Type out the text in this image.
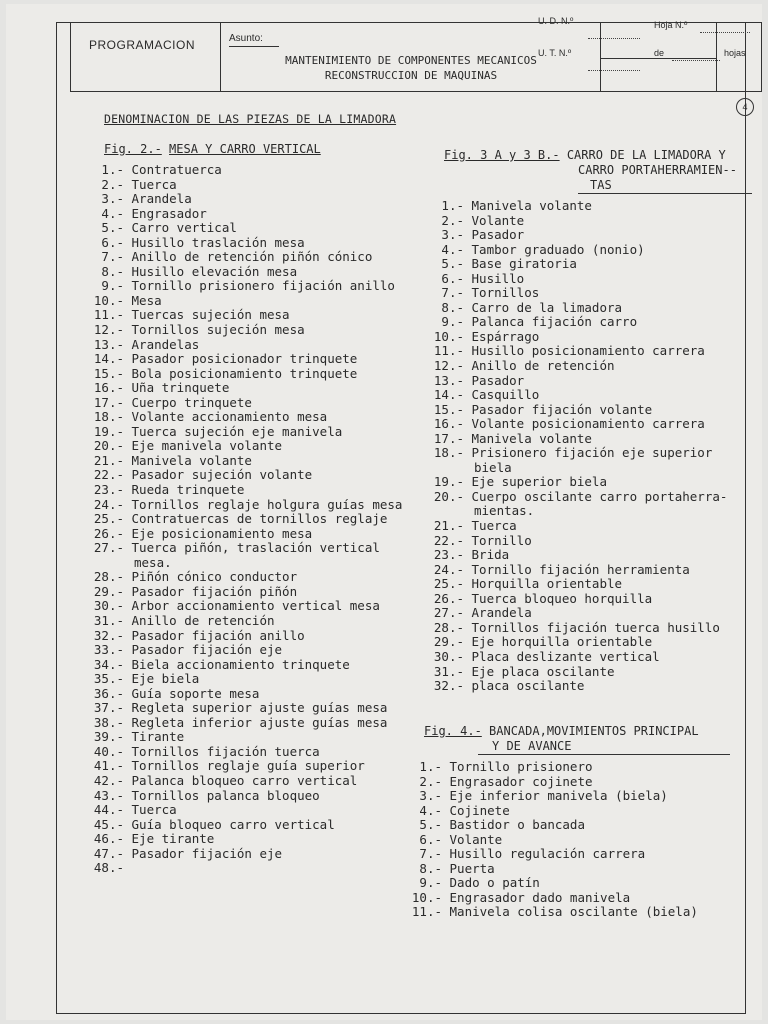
PROGRAMACION	Asunto:
MANTENIMIENTO DE COMPONENTES MECANICOS
RECONSTRUCCION DE MAQUINAS
U. D. N.º
U. T. N.º
Hoja N.º
de	hojas
4
DENOMINACION DE LAS PIEZAS DE LA LIMADORA
Fig. 2.- MESA Y CARRO VERTICAL
1.- Contratuerca
2.- Tuerca
3.- Arandela
4.- Engrasador
5.- Carro vertical
6.- Husillo traslación mesa
7.- Anillo de retención piñón cónico
8.- Husillo elevación mesa
9.- Tornillo prisionero fijación anillo
10.- Mesa
11.- Tuercas sujeción mesa
12.- Tornillos sujeción mesa
13.- Arandelas
14.- Pasador posicionador trinquete
15.- Bola posicionamiento trinquete
16.- Uña trinquete
17.- Cuerpo trinquete
18.- Volante accionamiento mesa
19.- Tuerca sujeción eje manivela
20.- Eje manivela volante
21.- Manivela volante
22.- Pasador sujeción volante
23.- Rueda trinquete
24.- Tornillos reglaje holgura guías mesa
25.- Contratuercas de tornillos reglaje
26.- Eje posicionamiento mesa
27.- Tuerca piñón, traslación vertical
mesa.
28.- Piñón cónico conductor
29.- Pasador fijación piñón
30.- Arbor accionamiento vertical mesa
31.- Anillo de retención
32.- Pasador fijación anillo
33.- Pasador fijación eje
34.- Biela accionamiento trinquete
35.- Eje biela
36.- Guía soporte mesa
37.- Regleta superior ajuste guías mesa
38.- Regleta inferior ajuste guías mesa
39.- Tirante
40.- Tornillos fijación tuerca
41.- Tornillos reglaje guía superior
42.- Palanca bloqueo carro vertical
43.- Tornillos palanca bloqueo
44.- Tuerca
45.- Guía bloqueo carro vertical
46.- Eje tirante
47.- Pasador fijación eje
48.-
Fig. 3 A y 3 B.- CARRO DE LA LIMADORA Y
CARRO PORTAHERRAMIEN--
TAS
1.- Manivela volante
2.- Volante
3.- Pasador
4.- Tambor graduado (nonio)
5.- Base giratoria
6.- Husillo
7.- Tornillos
8.- Carro de la limadora
9.- Palanca fijación carro
10.- Espárrago
11.- Husillo posicionamiento carrera
12.- Anillo de retención
13.- Pasador
14.- Casquillo
15.- Pasador fijación volante
16.- Volante posicionamiento carrera
17.- Manivela volante
18.- Prisionero fijación eje superior
biela
19.- Eje superior biela
20.- Cuerpo oscilante carro portaherra-
mientas.
21.- Tuerca
22.- Tornillo
23.- Brida
24.- Tornillo fijación herramienta
25.- Horquilla orientable
26.- Tuerca bloqueo horquilla
27.- Arandela
28.- Tornillos fijación tuerca husillo
29.- Eje horquilla orientable
30.- Placa deslizante vertical
31.- Eje placa oscilante
32.- placa oscilante
Fig. 4.- BANCADA,MOVIMIENTOS PRINCIPAL
Y DE AVANCE
1.- Tornillo prisionero
2.- Engrasador cojinete
3.- Eje inferior manivela (biela)
4.- Cojinete
5.- Bastidor o bancada
6.- Volante
7.- Husillo regulación carrera
8.- Puerta
9.- Dado o patín
10.- Engrasador dado manivela
11.- Manivela colisa oscilante (biela)
